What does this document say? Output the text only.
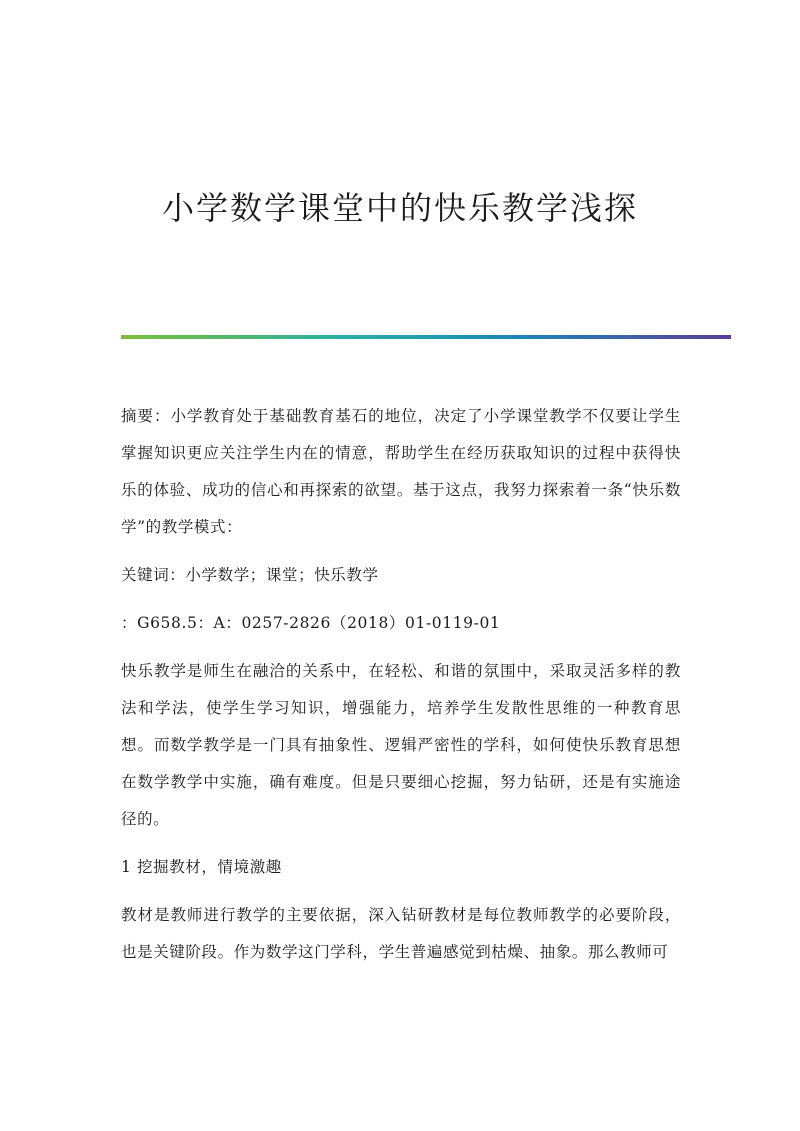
小学数学课堂中的快乐教学浅探

摘要：小学教育处于基础教育基石的地位，决定了小学课堂教学不仅要让学生掌握知识更应关注学生内在的情意，帮助学生在经历获取知识的过程中获得快乐的体验、成功的信心和再探索的欲望。基于这点，我努力探索着一条“快乐数学”的教学模式：

关键词：小学数学；课堂；快乐教学

：G658.5：A：0257-2826（2018）01-0119-01

快乐教学是师生在融洽的关系中，在轻松、和谐的氛围中，采取灵活多样的教法和学法，使学生学习知识，增强能力，培养学生发散性思维的一种教育思想。而数学教学是一门具有抽象性、逻辑严密性的学科，如何使快乐教育思想在数学教学中实施，确有难度。但是只要细心挖掘，努力钻研，还是有实施途径的。

1 挖掘教材，情境激趣

教材是教师进行教学的主要依据，深入钻研教材是每位教师教学的必要阶段，也是关键阶段。作为数学这门学科，学生普遍感觉到枯燥、抽象。那么教师可
